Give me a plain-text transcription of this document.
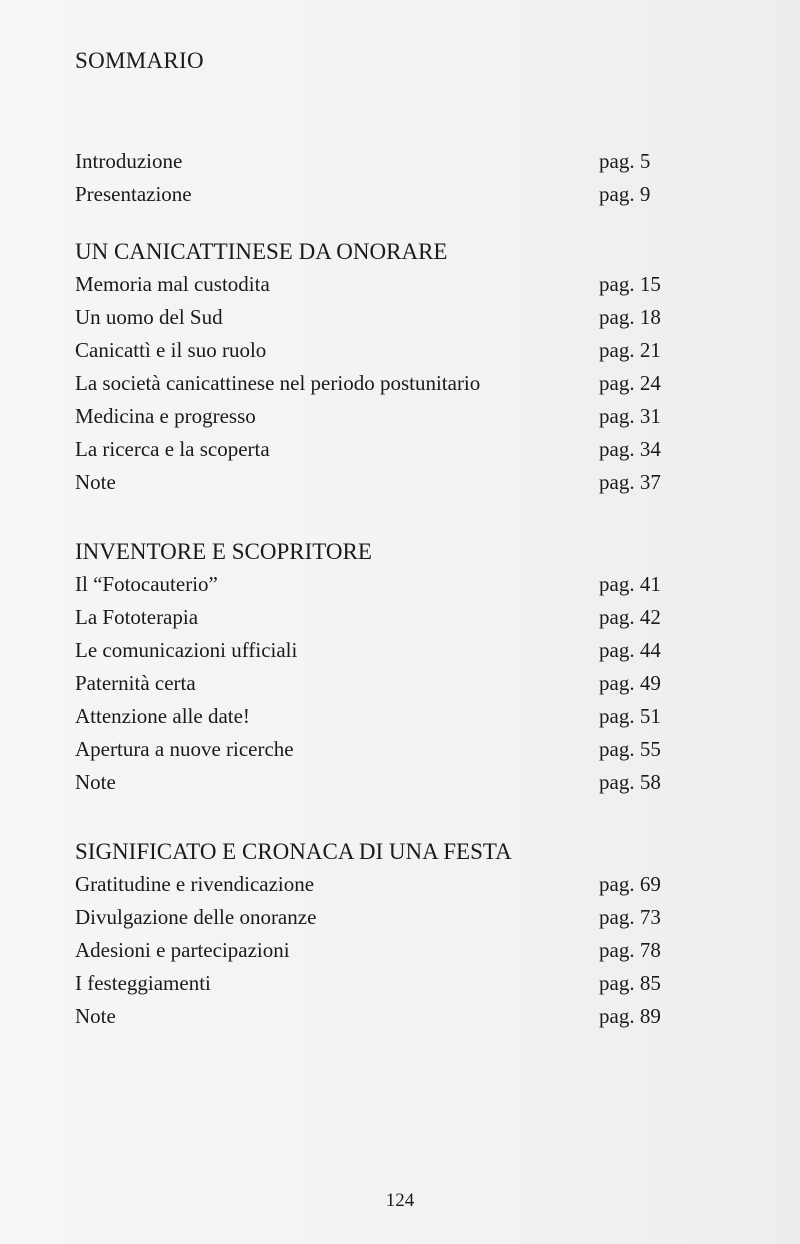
SOMMARIO
Introduzione	pag. 5
Presentazione	pag. 9
UN CANICATTINESE DA ONORARE
Memoria mal custodita	pag. 15
Un uomo del Sud	pag. 18
Canicattì e il suo ruolo	pag. 21
La società canicattinese nel periodo postunitario	pag. 24
Medicina e progresso	pag. 31
La ricerca e la scoperta	pag. 34
Note	pag. 37
INVENTORE E SCOPRITORE
Il “Fotocauterio”	pag. 41
La Fototerapia	pag. 42
Le comunicazioni ufficiali	pag. 44
Paternità certa	pag. 49
Attenzione alle date!	pag. 51
Apertura a nuove ricerche	pag. 55
Note	pag. 58
SIGNIFICATO E CRONACA DI UNA FESTA
Gratitudine e rivendicazione	pag. 69
Divulgazione delle onoranze	pag. 73
Adesioni e partecipazioni	pag. 78
I festeggiamenti	pag. 85
Note	pag. 89
124
